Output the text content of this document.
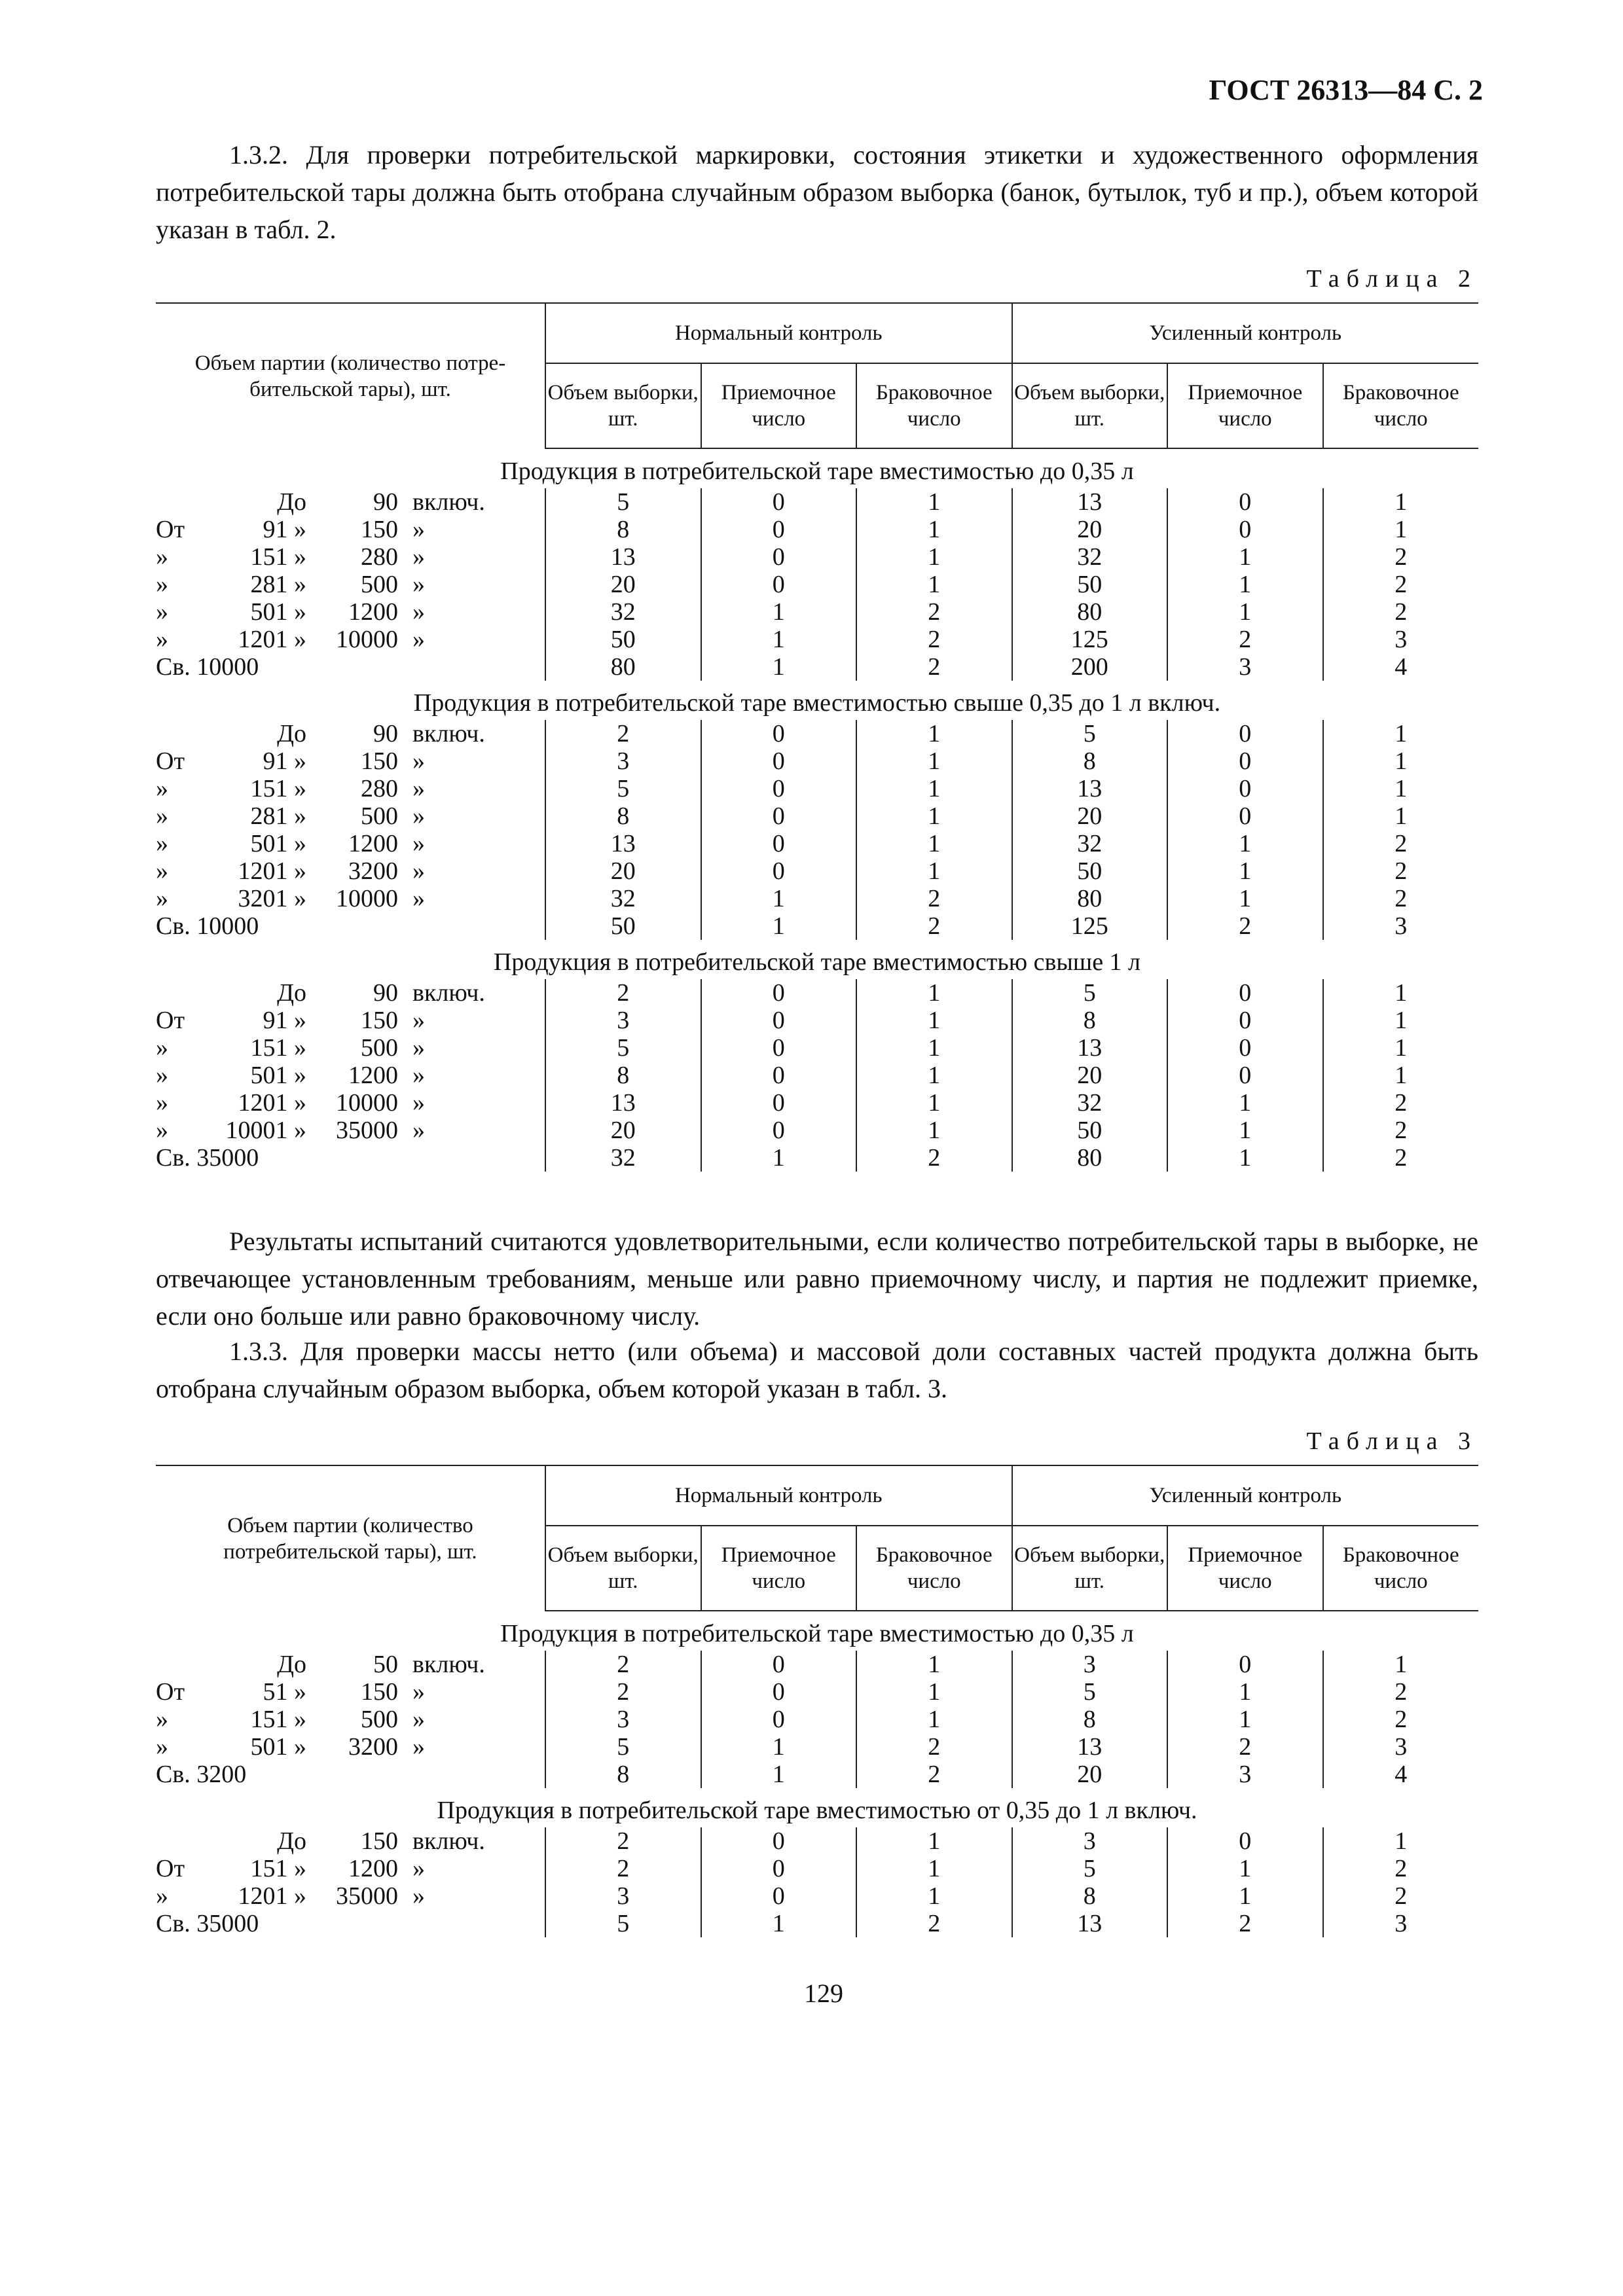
ГОСТ 26313—84 С. 2

1.3.2. Для проверки потребительской маркировки, состояния этикетки и художественного оформления потребительской тары должна быть отобрана случайным образом выборка (банок, бутылок, туб и пр.), объем которой указан в табл. 2.

Таблица 2
Объем партии (количество потре-бительской тары), шт.	Нормальный контроль			Усиленный контроль		
	Объем выборки, шт.	Приемочное число	Браковочное число	Объем выборки, шт.	Приемочное число	Браковочное число
Продукция в потребительской таре вместимостью до 0,35 л						

До 90 включ.	5	0	1	13	0	1

От 91 » 150 »	8	0	1	20	0	1

» 151 » 280 »	13	0	1	32	1	2

» 281 » 500 »	20	0	1	50	1	2

» 501 » 1200 »	32	1	2	80	1	2

» 1201 » 10000 »	50	1	2	125	2	3

Св. 10000	80	1	2	200	3	4
Продукция в потребительской таре вместимостью свыше 0,35 до 1 л включ.						

До 90 включ.	2	0	1	5	0	1

От 91 » 150 »	3	0	1	8	0	1

» 151 » 280 »	5	0	1	13	0	1

» 281 » 500 »	8	0	1	20	0	1

» 501 » 1200 »	13	0	1	32	1	2

» 1201 » 3200 »	20	0	1	50	1	2

» 3201 » 10000 »	32	1	2	80	1	2

Св. 10000	50	1	2	125	2	3
Продукция в потребительской таре вместимостью свыше 1 л						

До 90 включ.	2	0	1	5	0	1

От 91 » 150 »	3	0	1	8	0	1

» 151 » 500 »	5	0	1	13	0	1

» 501 » 1200 »	8	0	1	20	0	1

» 1201 » 10000 »	13	0	1	32	1	2

» 10001 » 35000 »	20	0	1	50	1	2

Св. 35000	32	1	2	80	1	2

Результаты испытаний считаются удовлетворительными, если количество потребительской тары в выборке, не отвечающее установленным требованиям, меньше или равно приемочному числу, и партия не подлежит приемке, если оно больше или равно браковочному числу.

1.3.3. Для проверки массы нетто (или объема) и массовой доли составных частей продукта должна быть отобрана случайным образом выборка, объем которой указан в табл. 3.

Таблица 3
Объем партии (количество потребительской тары), шт.	Нормальный контроль			Усиленный контроль		
	Объем выборки, шт.	Приемочное число	Браковочное число	Объем выборки, шт.	Приемочное число	Браковочное число
Продукция в потребительской таре вместимостью до 0,35 л						

До 50 включ.	2	0	1	3	0	1

От 51 » 150 »	2	0	1	5	1	2

» 151 » 500 »	3	0	1	8	1	2

» 501 » 3200 »	5	1	2	13	2	3

Св. 3200	8	1	2	20	3	4
Продукция в потребительской таре вместимостью от 0,35 до 1 л включ.						

До 150 включ.	2	0	1	3	0	1

От 151 » 1200 »	2	0	1	5	1	2

» 1201 » 35000 »	3	0	1	8	1	2

Св. 35000	5	1	2	13	2	3
129
